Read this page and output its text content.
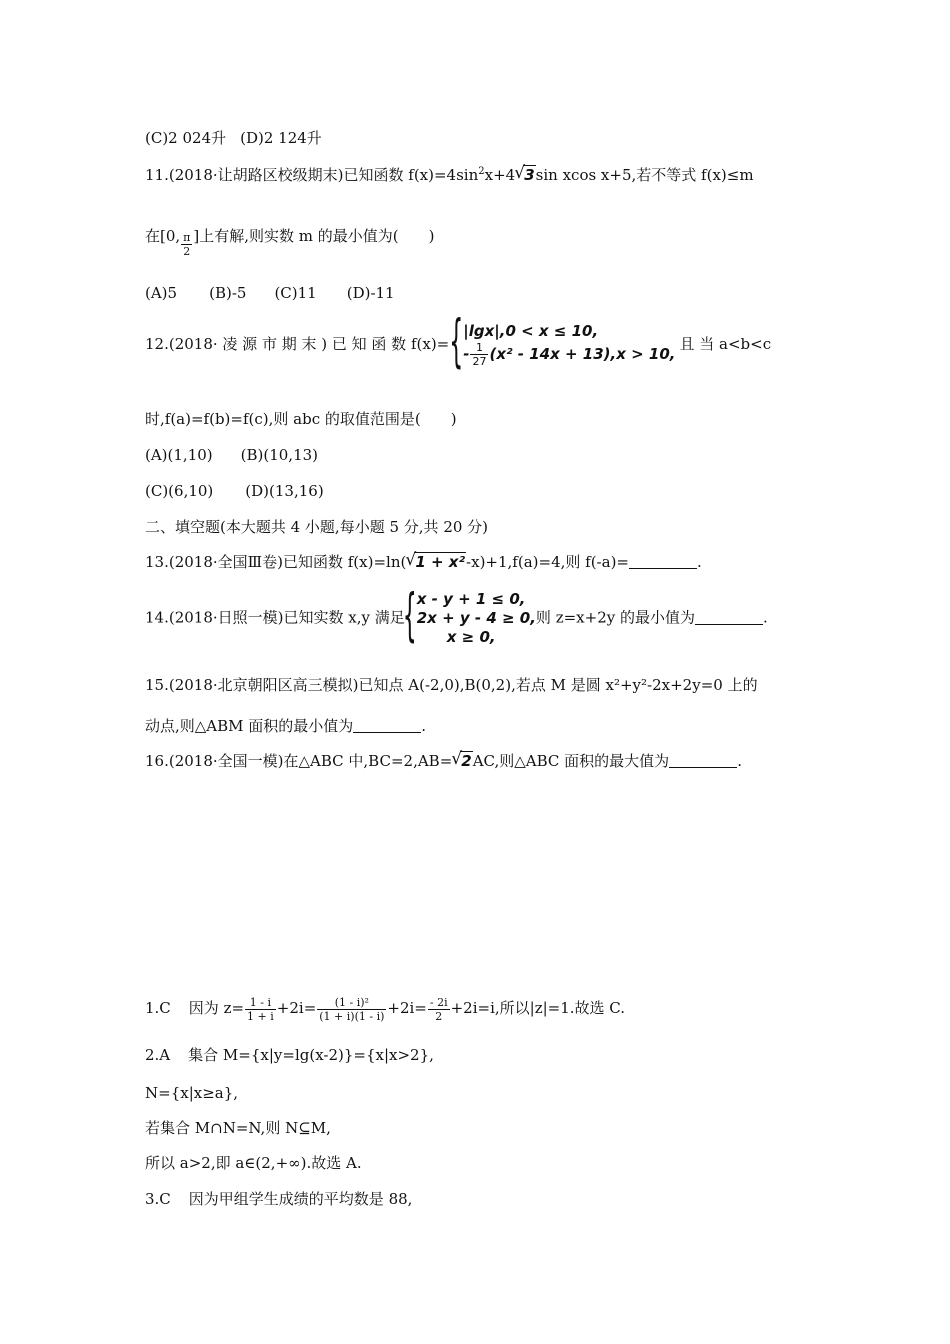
(C)2 024升 (D)2 124升
11.(2018·让胡路区校级期末)已知函数 $f(x)=4\sin^2x+4√$ 3sin xcos x+5,若不等式 f(x)≤m
在[0, $\frac{\pi}{2}$ ]上有解,则实数 m 的最小值为( )
(A)5 (B)-5 (C)11 (D)-11
12.(2018· 凌 源 市 期 末 ) 已 知 函 数 f(x)=
{ |lgx|,0 < x ≤ 10,
- $\frac{1}{27} (x^2 - 14x + 13),x > 10$,
且 当 a<b<c
时,f(a)=f(b)=f(c),则 abc 的取值范围是( )
(A)(1,10) (B)(10,13)
(C)(6,10) (D)(13,16)
二、填空题(本大题共 4 小题,每小题 5 分,共 20 分)
13.(2018·全国Ⅲ卷)已知函数 f(x)=ln(√ 1 + x²-x)+1,f(a)=4,则 f(-a)=	.
14.(2018·日照一模)已知实数 x,y 满足
{ x - y + 1 ≤ 0,
2x + y - 4 ≥ 0,
x ≥ 0,
则 z=x+2y 的最小值为	.
15.(2018·北京朝阳区高三模拟)已知点 A(-2,0),B(0,2),若点 M 是圆 x²+y²-2x+2y=0 上的
动点,则△ABM 面积的最小值为	.
16.(2018·全国一模)在△ABC 中,BC=2,AB=√ 2AC,则△ABC 面积的最大值为	.
1.C 因为 $z= \frac{1 - i}{1 + i} +2i= \frac{\text{(1 - i)²}}{(1 + i)(1 - i)} +2i= \frac{- 2i}{2} +2i=i$,所以|z|=1.故选 C.
2.A 集合 M={x|y=lg(x-2)}={x|x>2},
N={x|x≥a},
若集合 M∩N=N,则 N⊆M,
所以 a>2,即 a∈(2,+∞).故选 A.
3.C 因为甲组学生成绩的平均数是 88,
